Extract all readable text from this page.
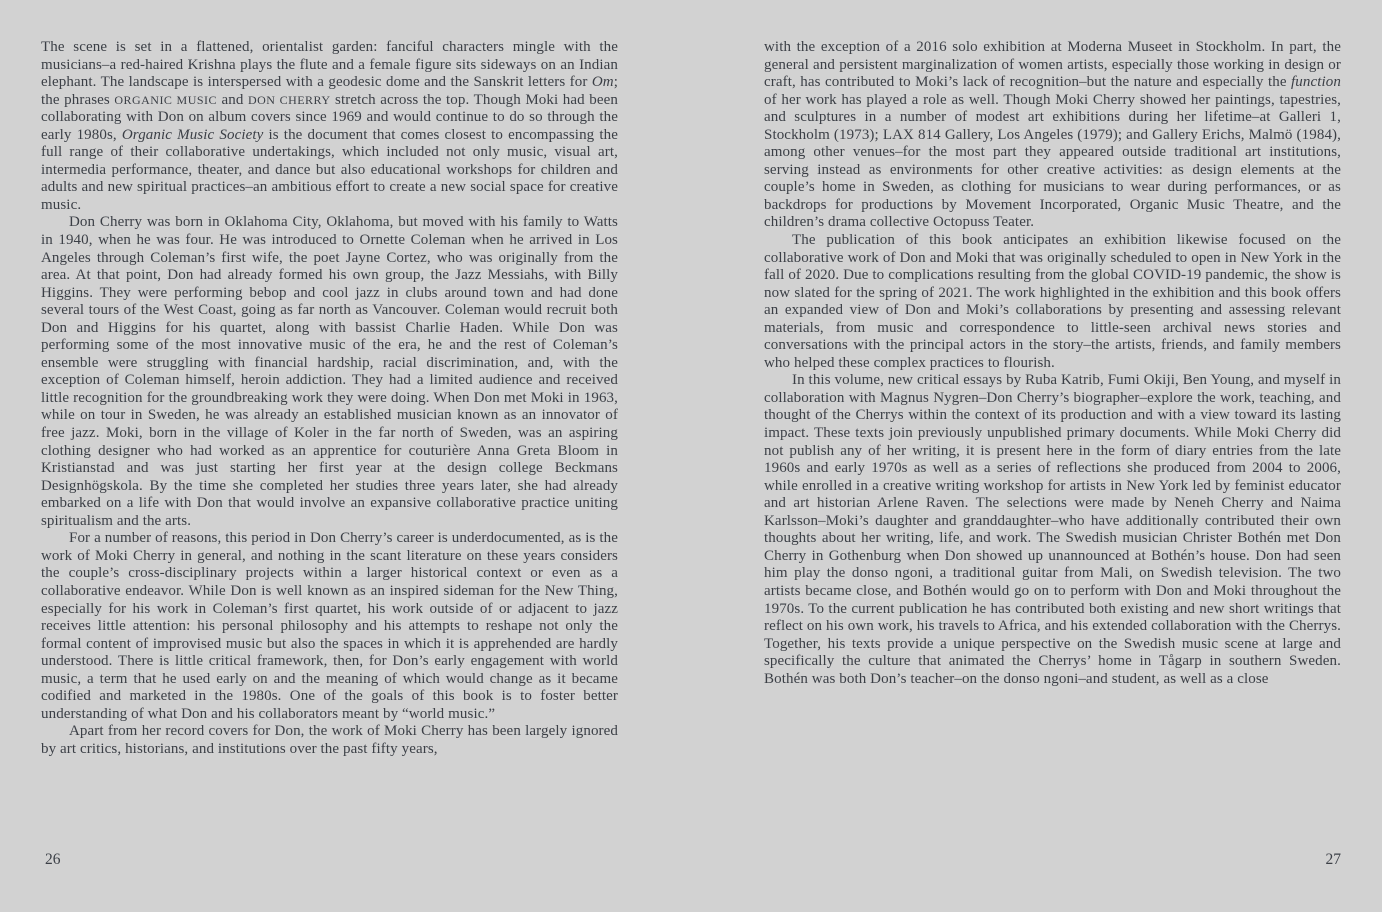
The scene is set in a flattened, orientalist garden: fanciful characters mingle with the musicians–a red-haired Krishna plays the flute and a female figure sits sideways on an Indian elephant. The landscape is interspersed with a geodesic dome and the Sanskrit letters for Om; the phrases ORGANIC MUSIC and DON CHERRY stretch across the top. Though Moki had been collaborating with Don on album covers since 1969 and would continue to do so through the early 1980s, Organic Music Society is the document that comes closest to encompassing the full range of their collaborative undertakings, which included not only music, visual art, intermedia performance, theater, and dance but also educational workshops for children and adults and new spiritual practices–an ambitious effort to create a new social space for creative music.

Don Cherry was born in Oklahoma City, Oklahoma, but moved with his family to Watts in 1940, when he was four. He was introduced to Ornette Coleman when he arrived in Los Angeles through Coleman’s first wife, the poet Jayne Cortez, who was originally from the area. At that point, Don had already formed his own group, the Jazz Messiahs, with Billy Higgins. They were performing bebop and cool jazz in clubs around town and had done several tours of the West Coast, going as far north as Vancouver. Coleman would recruit both Don and Higgins for his quartet, along with bassist Charlie Haden. While Don was performing some of the most innovative music of the era, he and the rest of Coleman’s ensemble were struggling with financial hardship, racial discrimination, and, with the exception of Coleman himself, heroin addiction. They had a limited audience and received little recognition for the groundbreaking work they were doing. When Don met Moki in 1963, while on tour in Sweden, he was already an established musician known as an innovator of free jazz. Moki, born in the village of Koler in the far north of Sweden, was an aspiring clothing designer who had worked as an apprentice for couturière Anna Greta Bloom in Kristianstad and was just starting her first year at the design college Beckmans Designhögskola. By the time she completed her studies three years later, she had already embarked on a life with Don that would involve an expansive collaborative practice uniting spiritualism and the arts.

For a number of reasons, this period in Don Cherry’s career is underdocumented, as is the work of Moki Cherry in general, and nothing in the scant literature on these years considers the couple’s cross-disciplinary projects within a larger historical context or even as a collaborative endeavor. While Don is well known as an inspired sideman for the New Thing, especially for his work in Coleman’s first quartet, his work outside of or adjacent to jazz receives little attention: his personal philosophy and his attempts to reshape not only the formal content of improvised music but also the spaces in which it is apprehended are hardly understood. There is little critical framework, then, for Don’s early engagement with world music, a term that he used early on and the meaning of which would change as it became codified and marketed in the 1980s. One of the goals of this book is to foster better understanding of what Don and his collaborators meant by “world music.”

Apart from her record covers for Don, the work of Moki Cherry has been largely ignored by art critics, historians, and institutions over the past fifty years,

26

with the exception of a 2016 solo exhibition at Moderna Museet in Stockholm. In part, the general and persistent marginalization of women artists, especially those working in design or craft, has contributed to Moki’s lack of recognition–but the nature and especially the function of her work has played a role as well. Though Moki Cherry showed her paintings, tapestries, and sculptures in a number of modest art exhibitions during her lifetime–at Galleri 1, Stockholm (1973); LAX 814 Gallery, Los Angeles (1979); and Gallery Erichs, Malmö (1984), among other venues–for the most part they appeared outside traditional art institutions, serving instead as environments for other creative activities: as design elements at the couple’s home in Sweden, as clothing for musicians to wear during performances, or as backdrops for productions by Movement Incorporated, Organic Music Theatre, and the children’s drama collective Octopuss Teater.

The publication of this book anticipates an exhibition likewise focused on the collaborative work of Don and Moki that was originally scheduled to open in New York in the fall of 2020. Due to complications resulting from the global COVID-19 pandemic, the show is now slated for the spring of 2021. The work highlighted in the exhibition and this book offers an expanded view of Don and Moki’s collaborations by presenting and assessing relevant materials, from music and correspondence to little-seen archival news stories and conversations with the principal actors in the story–the artists, friends, and family members who helped these complex practices to flourish.

In this volume, new critical essays by Ruba Katrib, Fumi Okiji, Ben Young, and myself in collaboration with Magnus Nygren–Don Cherry’s biographer–explore the work, teaching, and thought of the Cherrys within the context of its production and with a view toward its lasting impact. These texts join previously unpublished primary documents. While Moki Cherry did not publish any of her writing, it is present here in the form of diary entries from the late 1960s and early 1970s as well as a series of reflections she produced from 2004 to 2006, while enrolled in a creative writing workshop for artists in New York led by feminist educator and art historian Arlene Raven. The selections were made by Neneh Cherry and Naima Karlsson–Moki’s daughter and granddaughter–who have additionally contributed their own thoughts about her writing, life, and work. The Swedish musician Christer Bothén met Don Cherry in Gothenburg when Don showed up unannounced at Bothén’s house. Don had seen him play the donso ngoni, a traditional guitar from Mali, on Swedish television. The two artists became close, and Bothén would go on to perform with Don and Moki throughout the 1970s. To the current publication he has contributed both existing and new short writings that reflect on his own work, his travels to Africa, and his extended collaboration with the Cherrys. Together, his texts provide a unique perspective on the Swedish music scene at large and specifically the culture that animated the Cherrys’ home in Tågarp in southern Sweden. Bothén was both Don’s teacher–on the donso ngoni–and student, as well as a close

27
